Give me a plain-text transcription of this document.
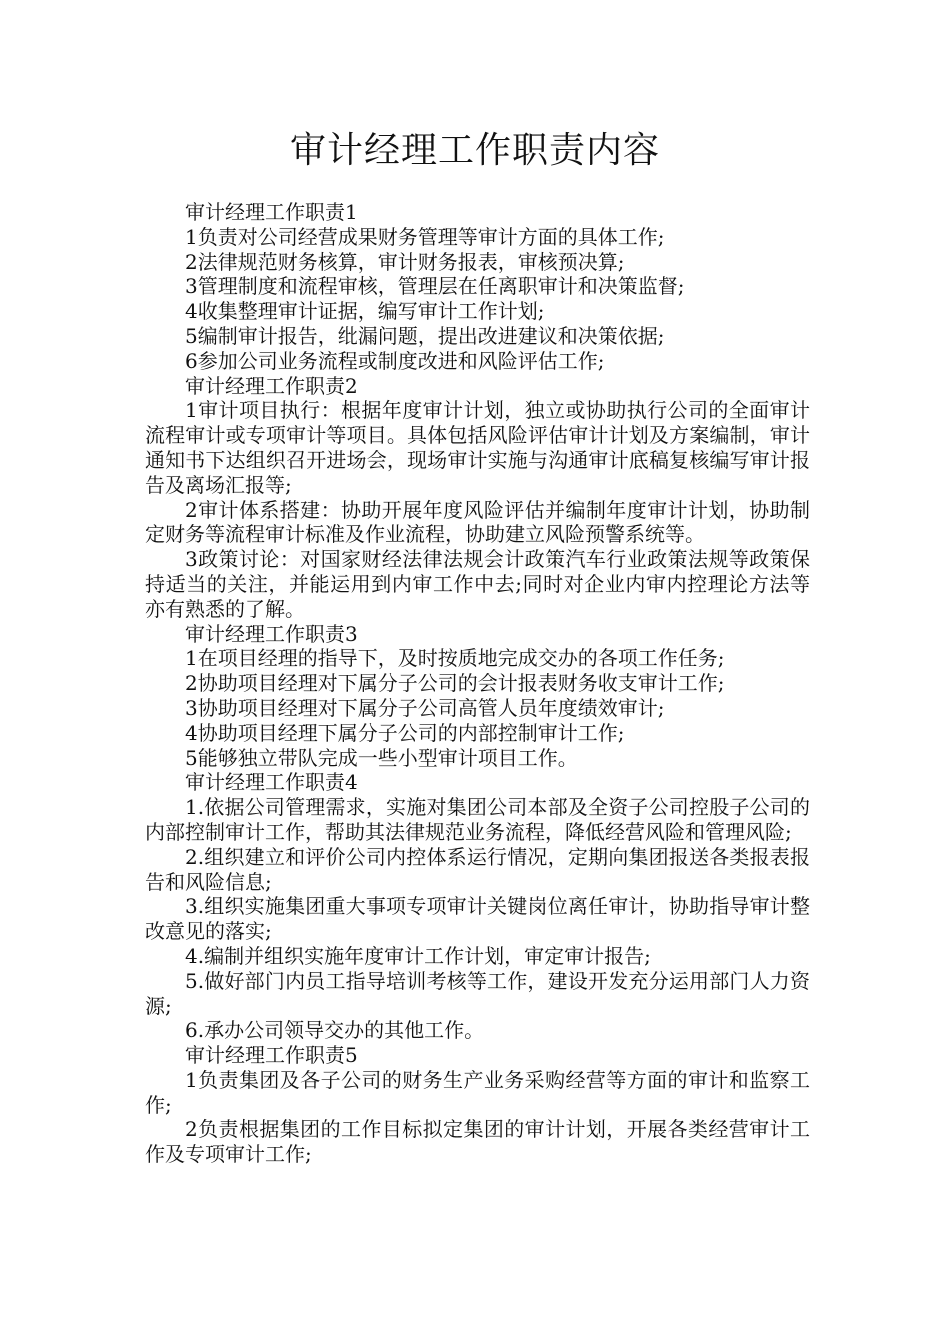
审计经理工作职责内容

审计经理工作职责1

1负责对公司经营成果财务管理等审计方面的具体工作;

2法律规范财务核算，审计财务报表，审核预决算;

3管理制度和流程审核，管理层在任离职审计和决策监督;

4收集整理审计证据，编写审计工作计划;

5编制审计报告，纰漏问题，提出改进建议和决策依据;

6参加公司业务流程或制度改进和风险评估工作;

审计经理工作职责2

1审计项目执行：根据年度审计计划，独立或协助执行公司的全面审计流程审计或专项审计等项目。具体包括风险评估审计计划及方案编制，审计通知书下达组织召开进场会，现场审计实施与沟通审计底稿复核编写审计报告及离场汇报等;

2审计体系搭建：协助开展年度风险评估并编制年度审计计划，协助制定财务等流程审计标准及作业流程，协助建立风险预警系统等。

3政策讨论：对国家财经法律法规会计政策汽车行业政策法规等政策保持适当的关注，并能运用到内审工作中去;同时对企业内审内控理论方法等亦有熟悉的了解。

审计经理工作职责3

1在项目经理的指导下，及时按质地完成交办的各项工作任务;

2协助项目经理对下属分子公司的会计报表财务收支审计工作;

3协助项目经理对下属分子公司高管人员年度绩效审计;

4协助项目经理下属分子公司的内部控制审计工作;

5能够独立带队完成一些小型审计项目工作。

审计经理工作职责4

1.依据公司管理需求，实施对集团公司本部及全资子公司控股子公司的内部控制审计工作，帮助其法律规范业务流程，降低经营风险和管理风险;

2.组织建立和评价公司内控体系运行情况，定期向集团报送各类报表报告和风险信息;

3.组织实施集团重大事项专项审计关键岗位离任审计，协助指导审计整改意见的落实;

4.编制并组织实施年度审计工作计划，审定审计报告;

5.做好部门内员工指导培训考核等工作，建设开发充分运用部门人力资源;

6.承办公司领导交办的其他工作。

审计经理工作职责5

1负责集团及各子公司的财务生产业务采购经营等方面的审计和监察工作;

2负责根据集团的工作目标拟定集团的审计计划，开展各类经营审计工作及专项审计工作;
